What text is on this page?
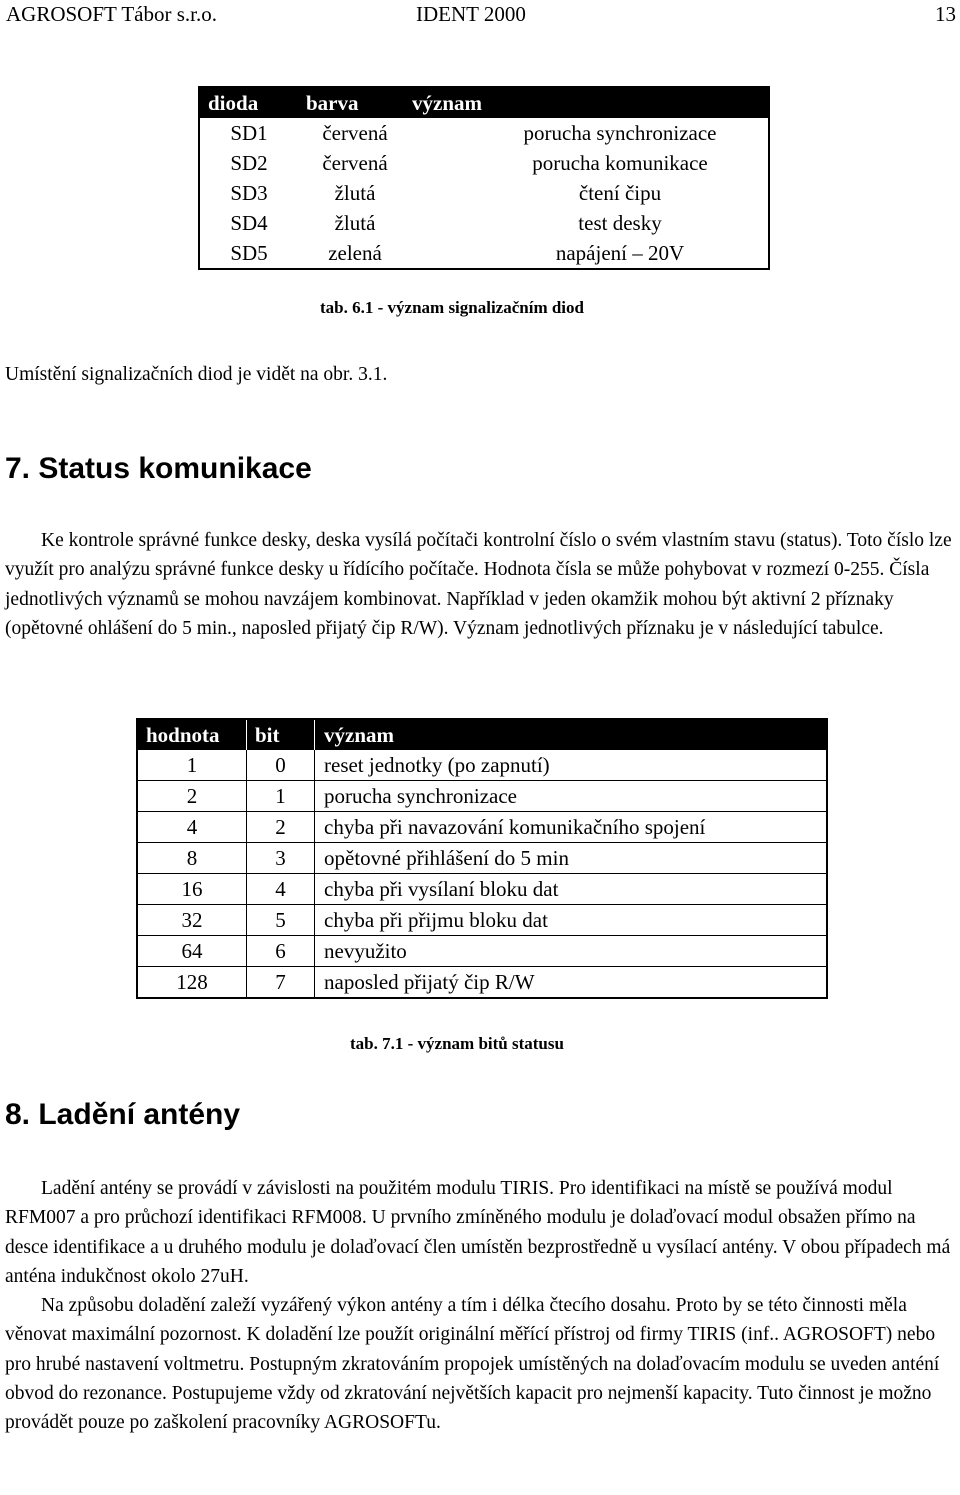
AGROSOFT Tábor s.r.o.	IDENT 2000	13
dioda	barva	význam
SD1	červená	porucha synchronizace
SD2	červená	porucha komunikace
SD3	žlutá	čtení čipu
SD4	žlutá	test desky
SD5	zelená	napájení – 20V
tab. 6.1 - význam signalizačním diod
Umístění signalizačních diod je vidět na obr. 3.1.
7. Status komunikace

Ke kontrole správné funkce desky, deska vysílá počítači kontrolní číslo o svém vlastním stavu (status). Toto číslo lze využít pro analýzu správné funkce desky u řídícího počítače. Hodnota čísla se může pohybovat v rozmezí 0-255. Čísla jednotlivých významů se mohou navzájem kombinovat. Například v jeden okamžik mohou být aktivní 2 příznaky (opětovné ohlášení do 5 min., naposled přijatý čip R/W). Význam jednotlivých příznaku je v následující tabulce.

hodnota	bit	význam
1	0	reset jednotky (po zapnutí)
2	1	porucha synchronizace
4	2	chyba při navazování komunikačního spojení
8	3	opětovné přihlášení do 5 min
16	4	chyba při vysílaní bloku dat
32	5	chyba při přijmu bloku dat
64	6	nevyužito
128	7	naposled přijatý čip R/W
tab. 7.1 - význam bitů statusu
8. Ladění antény

Ladění antény se provádí v závislosti na použitém modulu TIRIS. Pro identifikaci na místě se používá modul RFM007 a pro průchozí identifikaci RFM008. U prvního zmíněného modulu je dolaďovací modul obsažen přímo na desce identifikace a u druhého modulu je dolaďovací člen umístěn bezprostředně u vysílací antény. V obou případech má anténa indukčnost okolo 27uH.

Na způsobu doladění zaleží vyzářený výkon antény a tím i délka čtecího dosahu. Proto by se této činnosti měla věnovat maximální pozornost. K doladění lze použít originální měřící přístroj od firmy TIRIS (inf.. AGROSOFT) nebo pro hrubé nastavení voltmetru. Postupným zkratováním propojek umístěných na dolaďovacím modulu se uveden anténí obvod do rezonance. Postupujeme vždy od zkratování největších kapacit pro nejmenší kapacity. Tuto činnost je možno provádět pouze po zaškolení pracovníky AGROSOFTu.
